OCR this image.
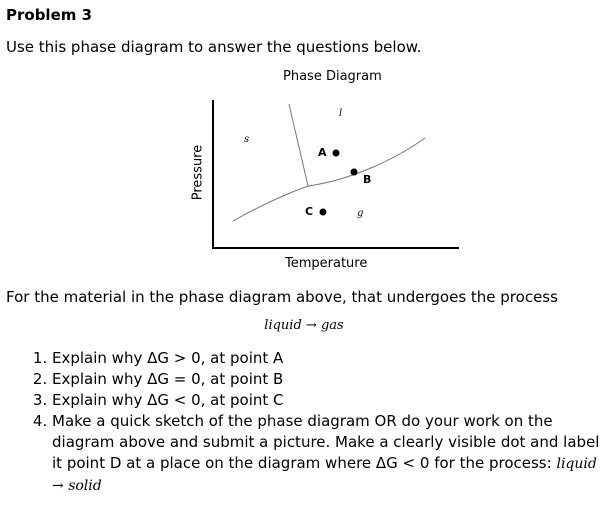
Problem 3
Use this phase diagram to answer the questions below.
Phase Diagram
Pressure
Temperature
s
l
g
A
B
C
For the material in the phase diagram above, that undergoes the process
liquid → gas
1. Explain why ΔG > 0, at point A
2. Explain why ΔG = 0, at point B
3. Explain why ΔG < 0, at point C
4. Make a quick sketch of the phase diagram OR do your work on the diagram above and submit a picture. Make a clearly visible dot and label it point D at a place on the diagram where ΔG < 0 for the process: liquid → solid
